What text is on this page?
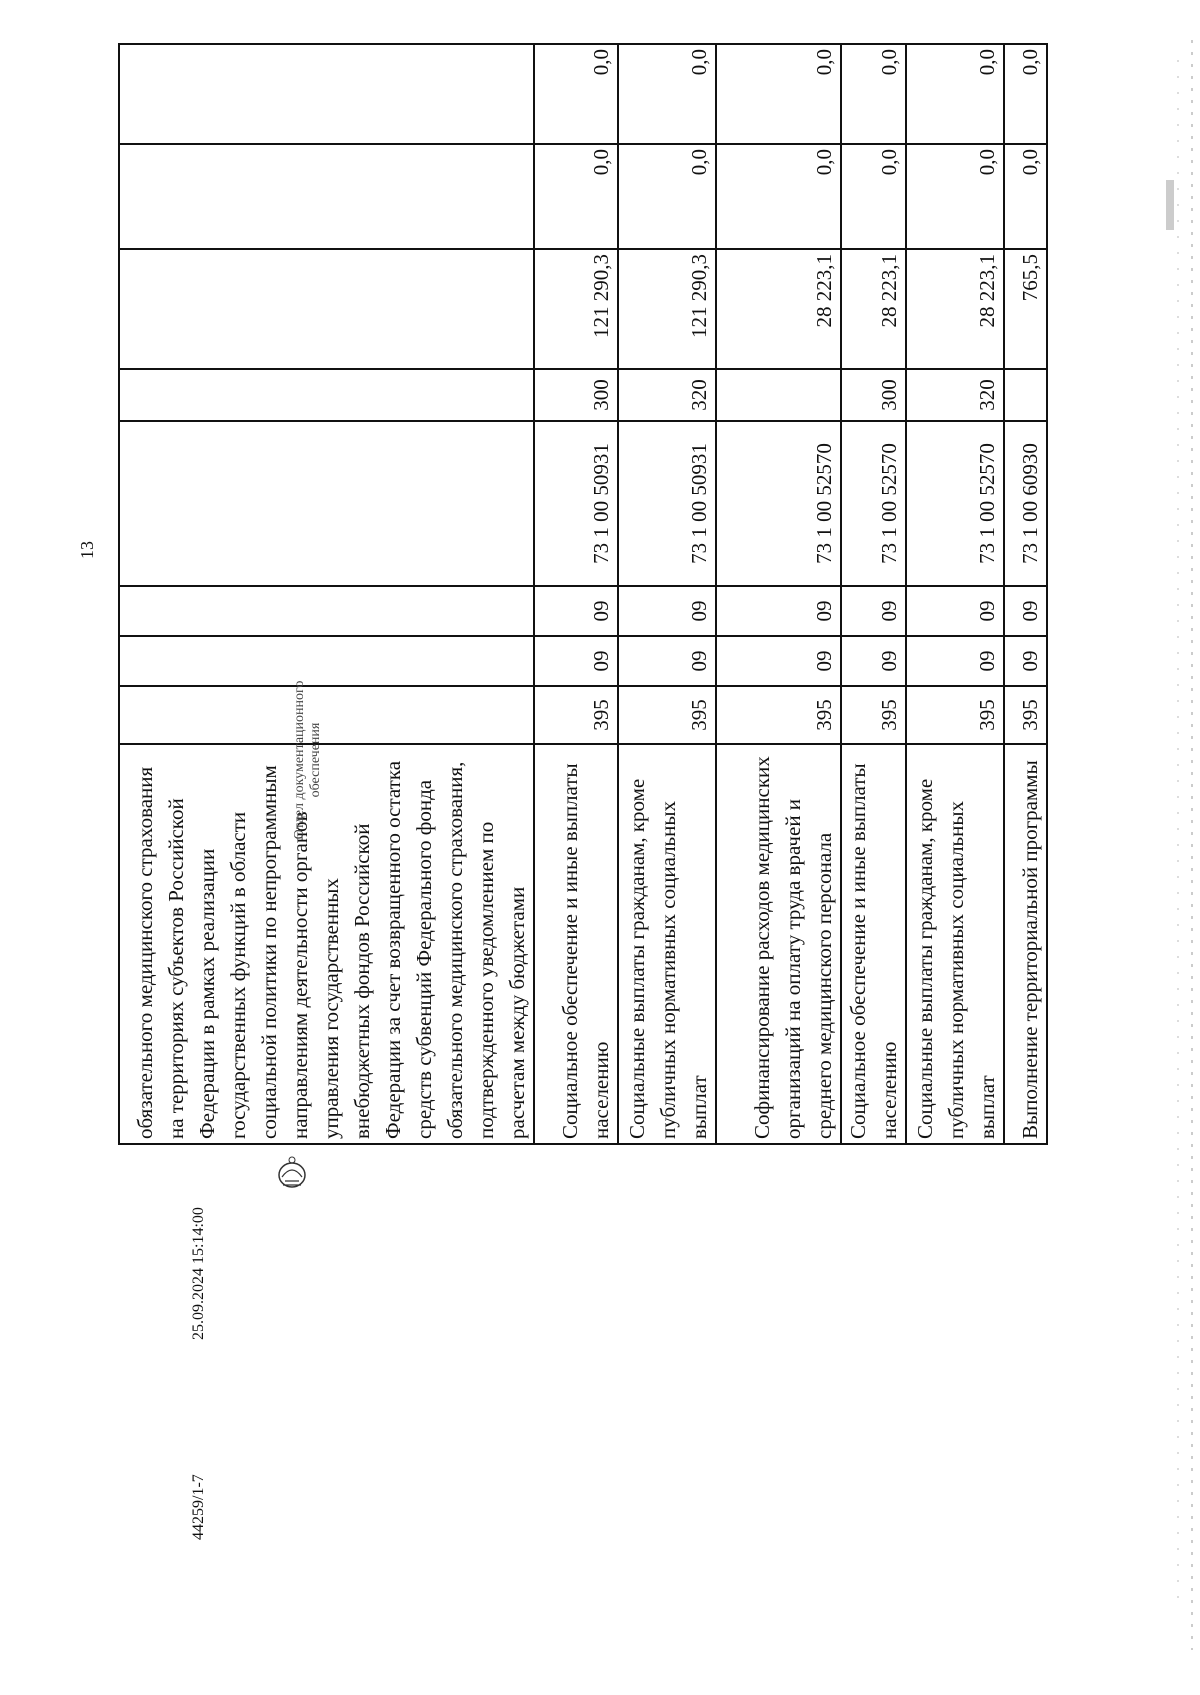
13
обязательного медицинского страхования на территориях субъектов Российской Федерации в рамках реализации государственных функций в области социальной политики по непрограммным направлениям деятельности органов управления государственных внебюджетных фондов Российской Федерации за счет возвращенного остатка средств субвенций Федерального фонда обязательного медицинского страхования, подтвержденного уведомлением по расчетам между бюджетами								
Социальное обеспечение и иные выплаты населению	395	09	09	73 1 00 50931	300	121 290,3	0,0	0,0
Социальные выплаты гражданам, кроме публичных нормативных социальных выплат	395	09	09	73 1 00 50931	320	121 290,3	0,0	0,0
Софинансирование расходов медицинских организаций на оплату труда врачей и среднего медицинского персонала	395	09	09	73 1 00 52570		28 223,1	0,0	0,0
Социальное обеспечение и иные выплаты населению	395	09	09	73 1 00 52570	300	28 223,1	0,0	0,0
Социальные выплаты гражданам, кроме публичных нормативных социальных выплат	395	09	09	73 1 00 52570	320	28 223,1	0,0	0,0
Выполнение территориальной программы	395	09	09	73 1 00 60930		765,5	0,0	0,0
25.09.2024 15:14:00
44259/1-7
Отдел документационного обеспечения
